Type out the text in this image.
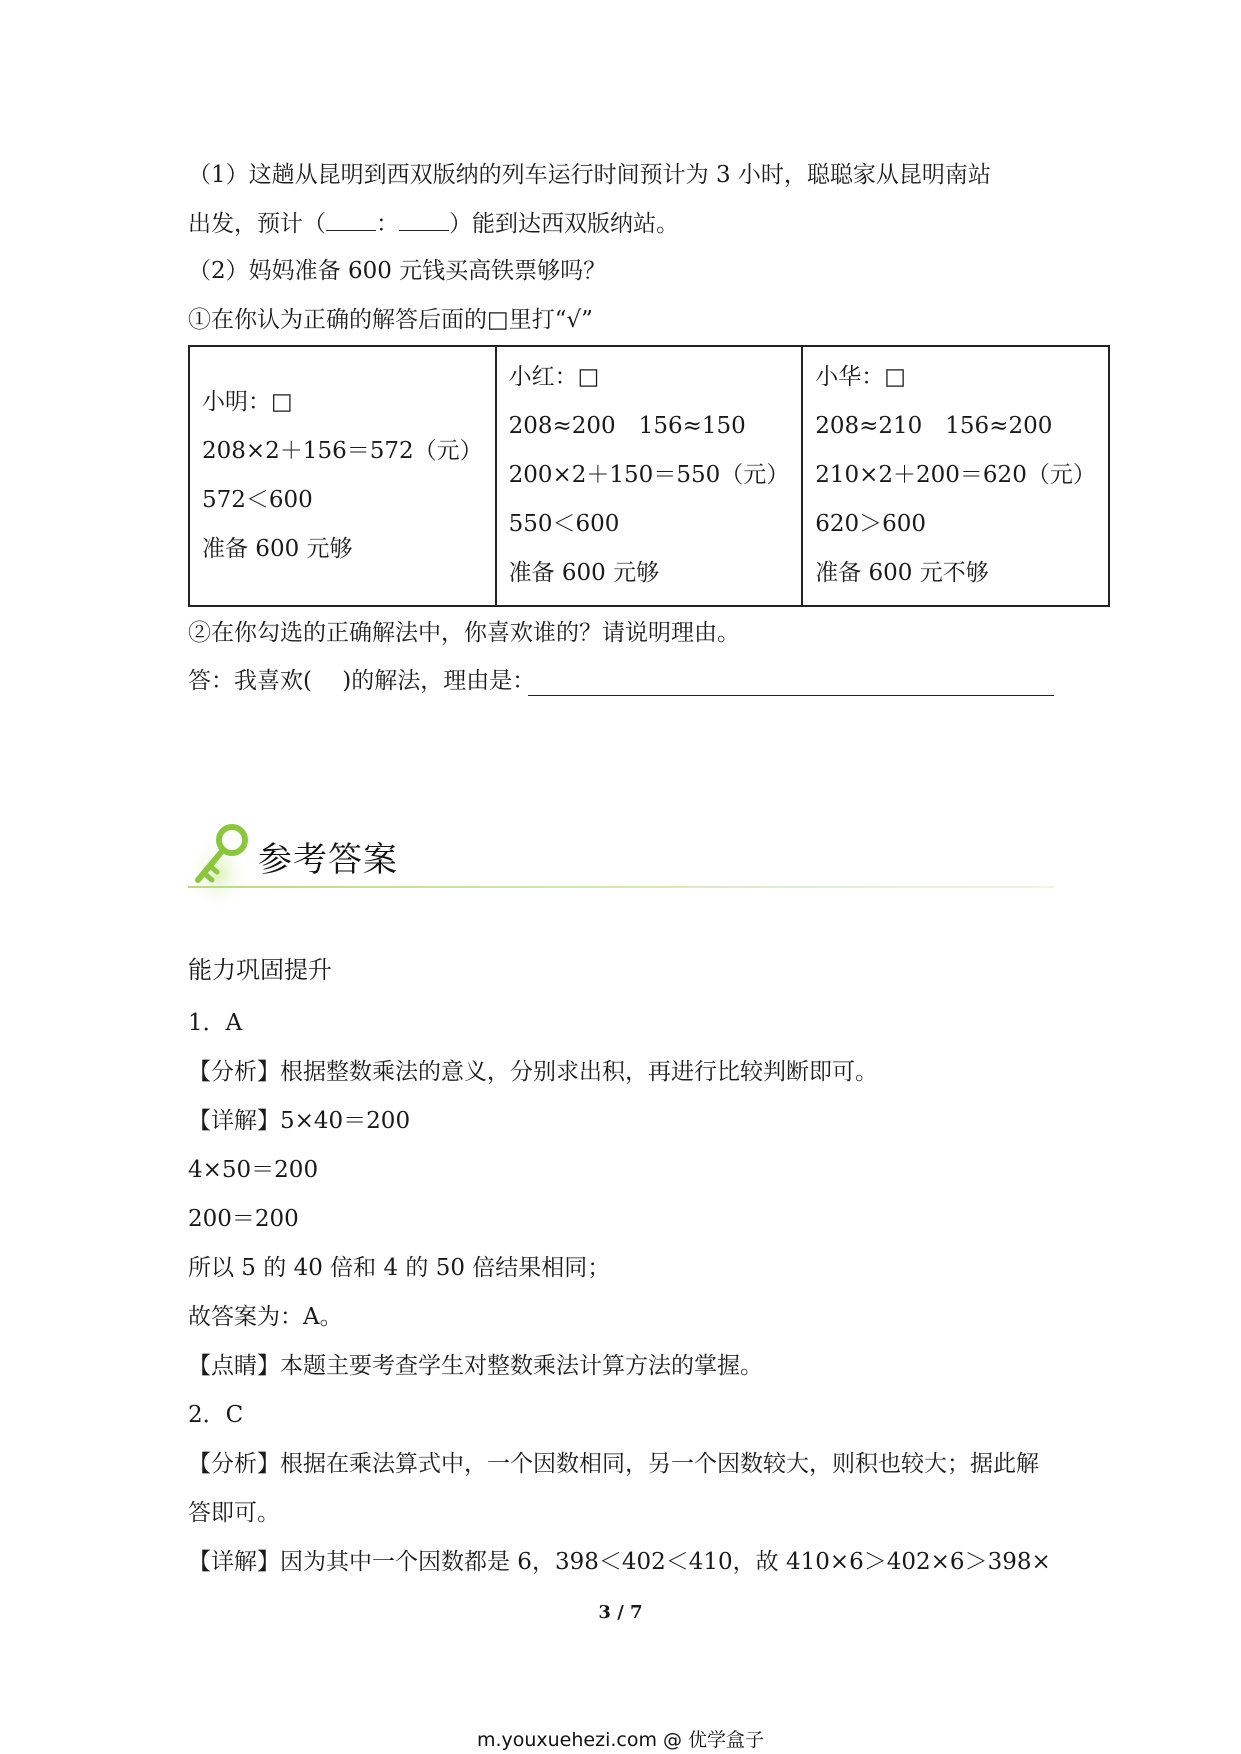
（1）这趟从昆明到西双版纳的列车运行时间预计为 3 小时，聪聪家从昆明南站
出发，预计（ ： ）能到达西双版纳站。
（2）妈妈准备 600 元钱买高铁票够吗？
①在你认为正确的解答后面的□里打“√”
小明：□
208×2＋156＝572（元）
572＜600
准备 600 元够

小红：□
208≈200　156≈150
200×2＋150＝550（元）
550＜600
准备 600 元够

小华：□
208≈210　156≈200
210×2＋200＝620（元）
620＞600
准备 600 元不够
②在你勾选的正确解法中，你喜欢谁的？请说明理由。
答：我喜欢(　 )的解法，理由是：
参考答案
能力巩固提升
1．A
【分析】根据整数乘法的意义，分别求出积，再进行比较判断即可。
【详解】5×40＝200
4×50＝200
200＝200
所以 5 的 40 倍和 4 的 50 倍结果相同；
故答案为：A。
【点睛】本题主要考查学生对整数乘法计算方法的掌握。
2．C
【分析】根据在乘法算式中，一个因数相同，另一个因数较大，则积也较大；据此解答即可。
【详解】因为其中一个因数都是 6，398＜402＜410，故 410×6＞402×6＞398×
3 / 7
m.youxuehezi.com @ 优学盒子
